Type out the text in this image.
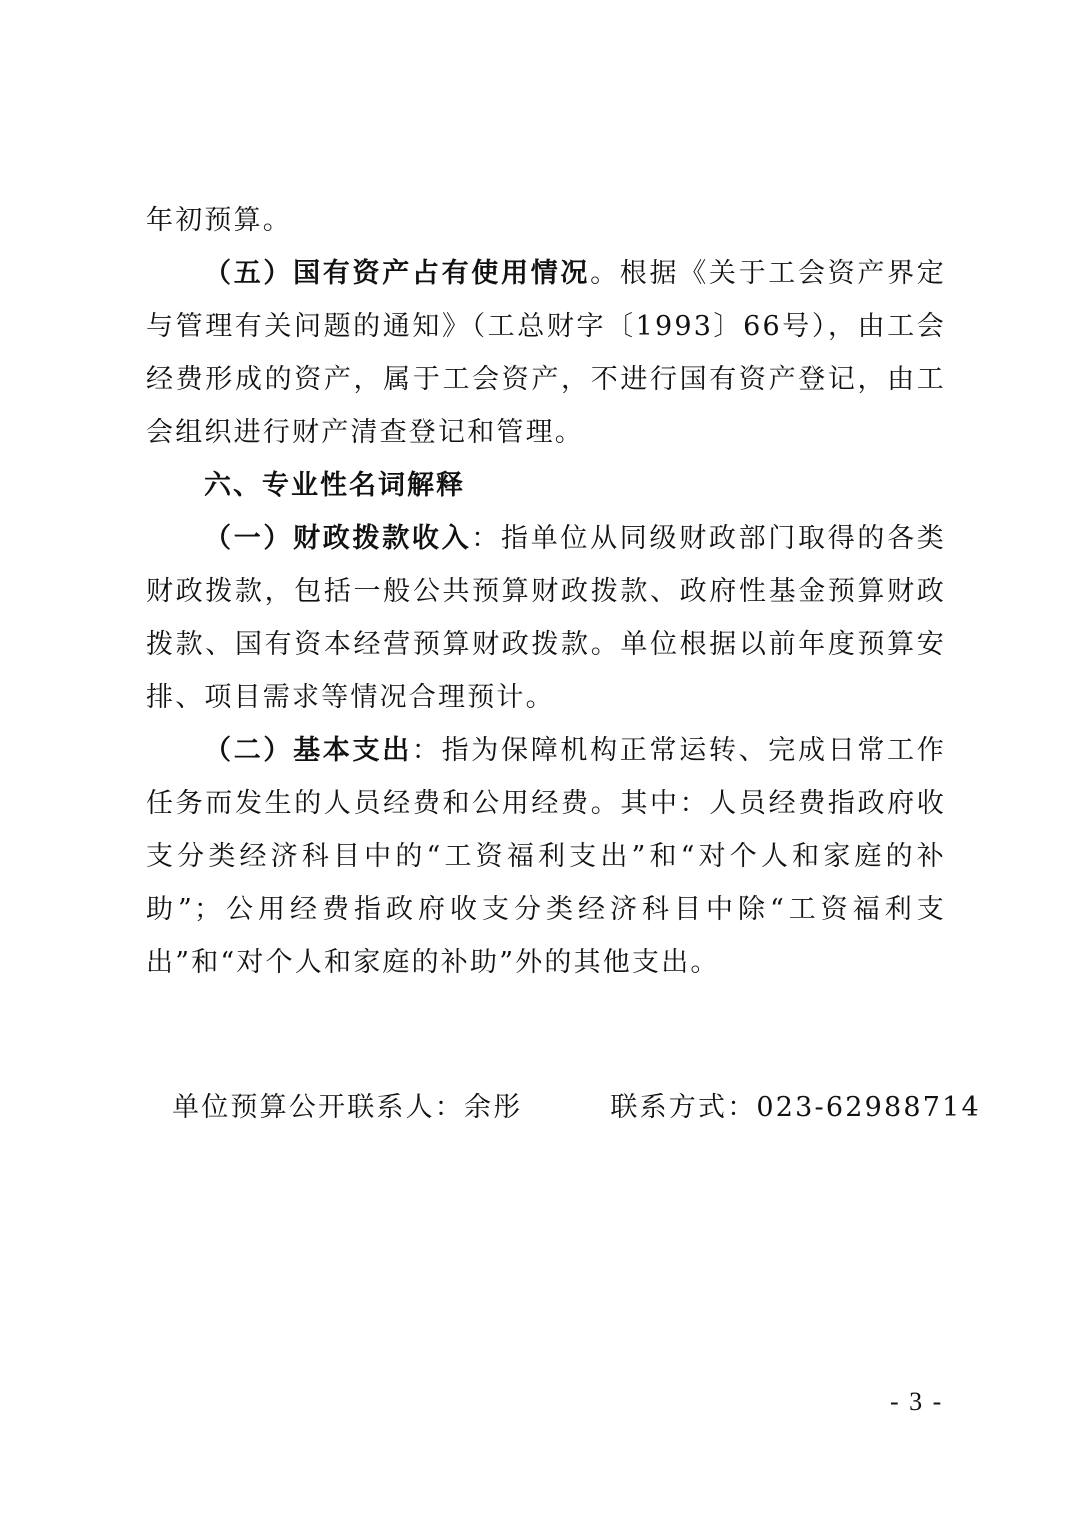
年初预算。

（五）国有资产占有使用情况。根据《关于工会资产界定与管理有关问题的通知》（工总财字〔1993〕66号），由工会经费形成的资产，属于工会资产，不进行国有资产登记，由工会组织进行财产清查登记和管理。

六、专业性名词解释

（一）财政拨款收入：指单位从同级财政部门取得的各类财政拨款，包括一般公共预算财政拨款、政府性基金预算财政拨款、国有资本经营预算财政拨款。单位根据以前年度预算安排、项目需求等情况合理预计。

（二）基本支出：指为保障机构正常运转、完成日常工作任务而发生的人员经费和公用经费。其中：人员经费指政府收支分类经济科目中的“工资福利支出”和“对个人和家庭的补助”；公用经费指政府收支分类经济科目中除“工资福利支出”和“对个人和家庭的补助”外的其他支出。

单位预算公开联系人：余彤	联系方式：023-62988714
- 3 -
